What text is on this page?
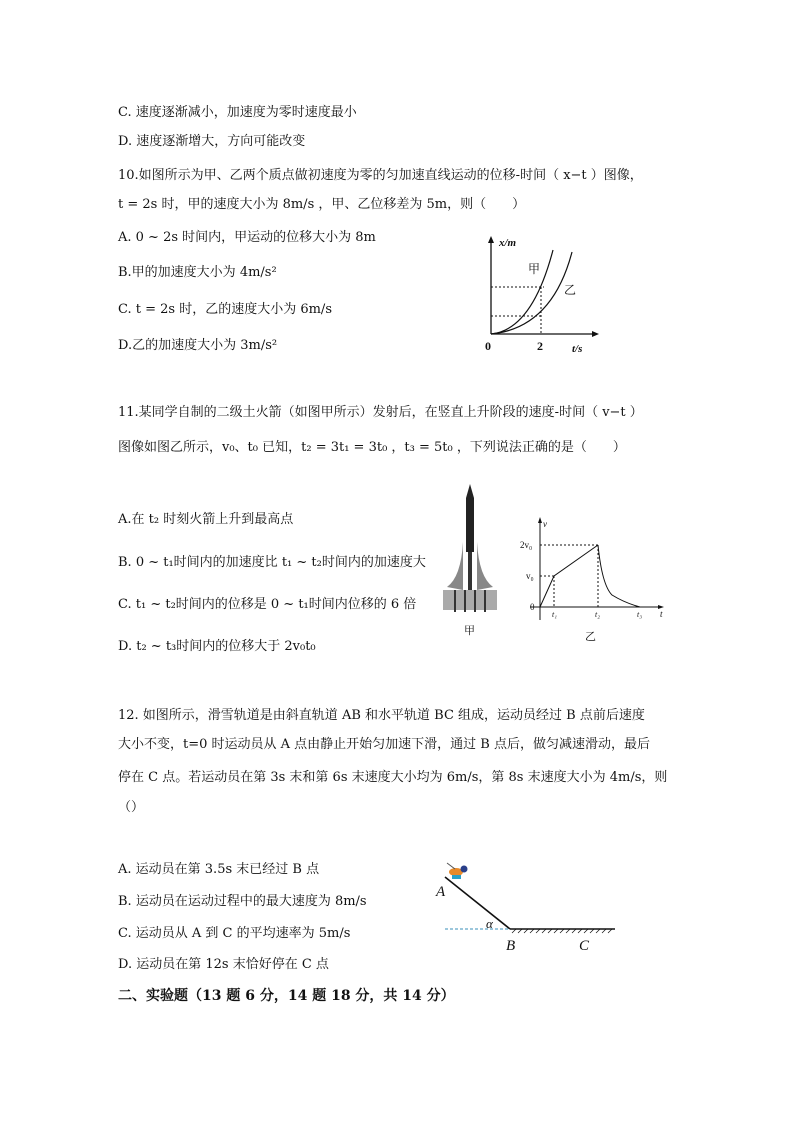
C. 速度逐渐减小，加速度为零时速度最小
D. 速度逐渐增大，方向可能改变
10.如图所示为甲、乙两个质点做初速度为零的匀加速直线运动的位移-时间（ x−t ）图像，
t = 2s 时，甲的速度大小为 8m/s ，甲、乙位移差为 5m，则（　　）
A. 0 ~ 2s 时间内，甲运动的位移大小为 8m
B.甲的加速度大小为 4m/s²
C. t = 2s 时，乙的速度大小为 6m/s
D.乙的加速度大小为 3m/s²
x/m
甲
乙
0	2	t/s
11.某同学自制的二级土火箭（如图甲所示）发射后，在竖直上升阶段的速度-时间（ v−t ）
图像如图乙所示，v₀、t₀ 已知，t₂ = 3t₁ = 3t₀ ，t₃ = 5t₀ ，下列说法正确的是（　　）
A.在 t₂ 时刻火箭上升到最高点
B. 0 ~ t₁时间内的加速度比 t₁ ~ t₂时间内的加速度大
C. t₁ ~ t₂时间内的位移是 0 ~ t₁时间内位移的 6 倍
D. t₂ ~ t₃时间内的位移大于 2v₀t₀
甲
v
2v₀
v₀
0
t₁	t₂	t₃ t
乙
12. 如图所示，滑雪轨道是由斜直轨道 AB 和水平轨道 BC 组成，运动员经过 B 点前后速度
大小不变，t=0 时运动员从 A 点由静止开始匀加速下滑，通过 B 点后，做匀减速滑动，最后
停在 C 点。若运动员在第 3s 末和第 6s 末速度大小均为 6m/s，第 8s 末速度大小为 4m/s，则
（）
A. 运动员在第 3.5s 末已经过 B 点
B. 运动员在运动过程中的最大速度为 8m/s
C. 运动员从 A 到 C 的平均速率为 5m/s
D. 运动员在第 12s 末恰好停在 C 点
A
α
B	C
二、实验题（13 题 6 分，14 题 18 分，共 14 分）
